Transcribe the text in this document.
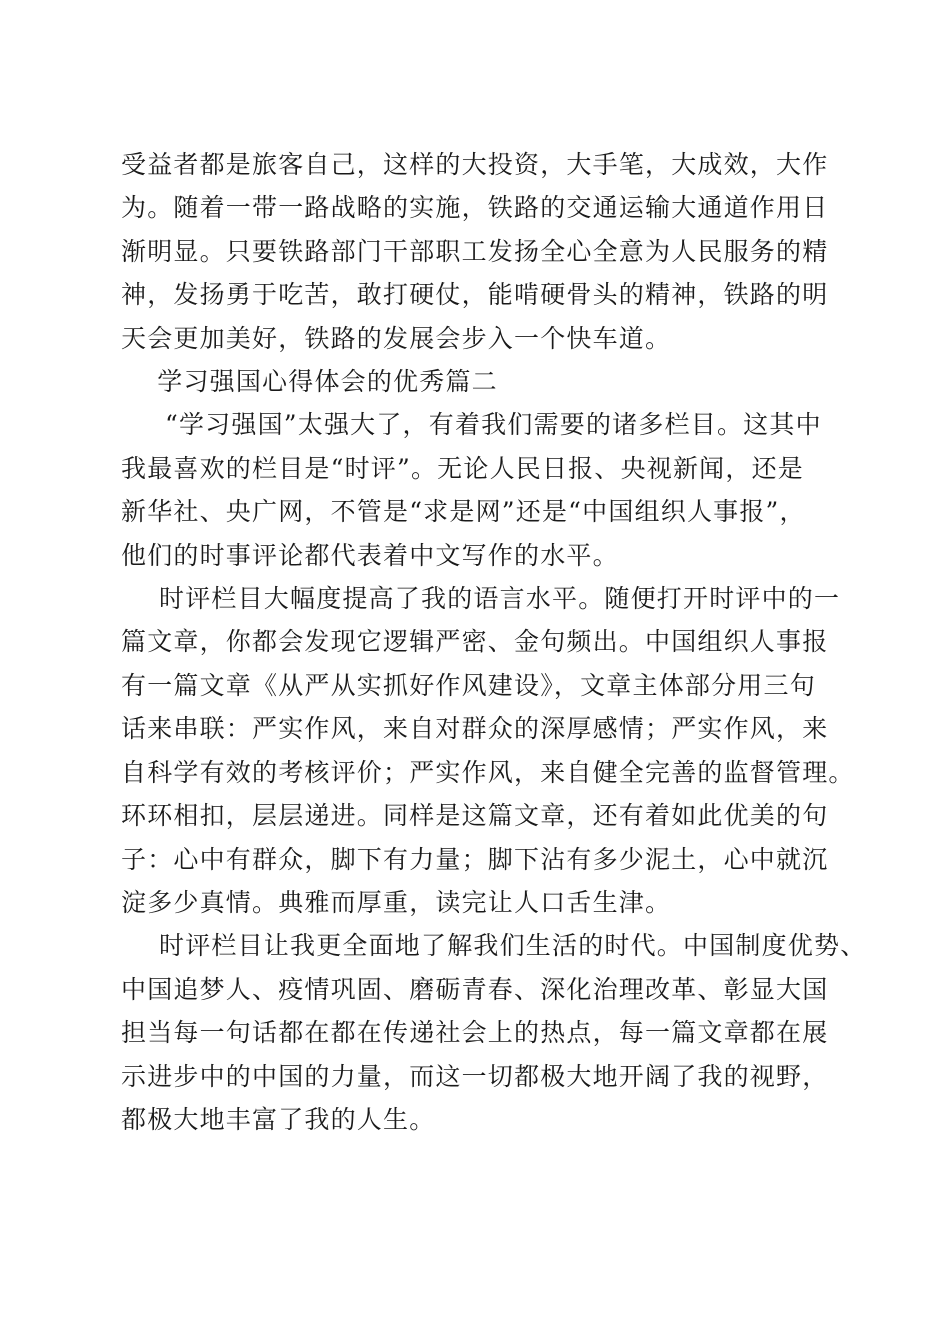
受益者都是旅客自己，这样的大投资，大手笔，大成效，大作
为。随着一带一路战略的实施，铁路的交通运输大通道作用日
渐明显。只要铁路部门干部职工发扬全心全意为人民服务的精
神，发扬勇于吃苦，敢打硬仗，能啃硬骨头的精神，铁路的明
天会更加美好，铁路的发展会步入一个快车道。

学习强国心得体会的优秀篇二

“学习强国”太强大了，有着我们需要的诸多栏目。这其中

我最喜欢的栏目是“时评”。无论人民日报、央视新闻，还是
新华社、央广网，不管是“求是网”还是“中国组织人事报”，
他们的时事评论都代表着中文写作的水平。

时评栏目大幅度提高了我的语言水平。随便打开时评中的一

篇文章，你都会发现它逻辑严密、金句频出。中国组织人事报
有一篇文章《从严从实抓好作风建设》，文章主体部分用三句
话来串联：严实作风，来自对群众的深厚感情；严实作风，来
自科学有效的考核评价；严实作风，来自健全完善的监督管理。
环环相扣，层层递进。同样是这篇文章，还有着如此优美的句
子：心中有群众，脚下有力量；脚下沾有多少泥土，心中就沉
淀多少真情。典雅而厚重，读完让人口舌生津。

时评栏目让我更全面地了解我们生活的时代。中国制度优势、

中国追梦人、疫情巩固、磨砺青春、深化治理改革、彰显大国
担当每一句话都在都在传递社会上的热点，每一篇文章都在展
示进步中的中国的力量，而这一切都极大地开阔了我的视野，
都极大地丰富了我的人生。
